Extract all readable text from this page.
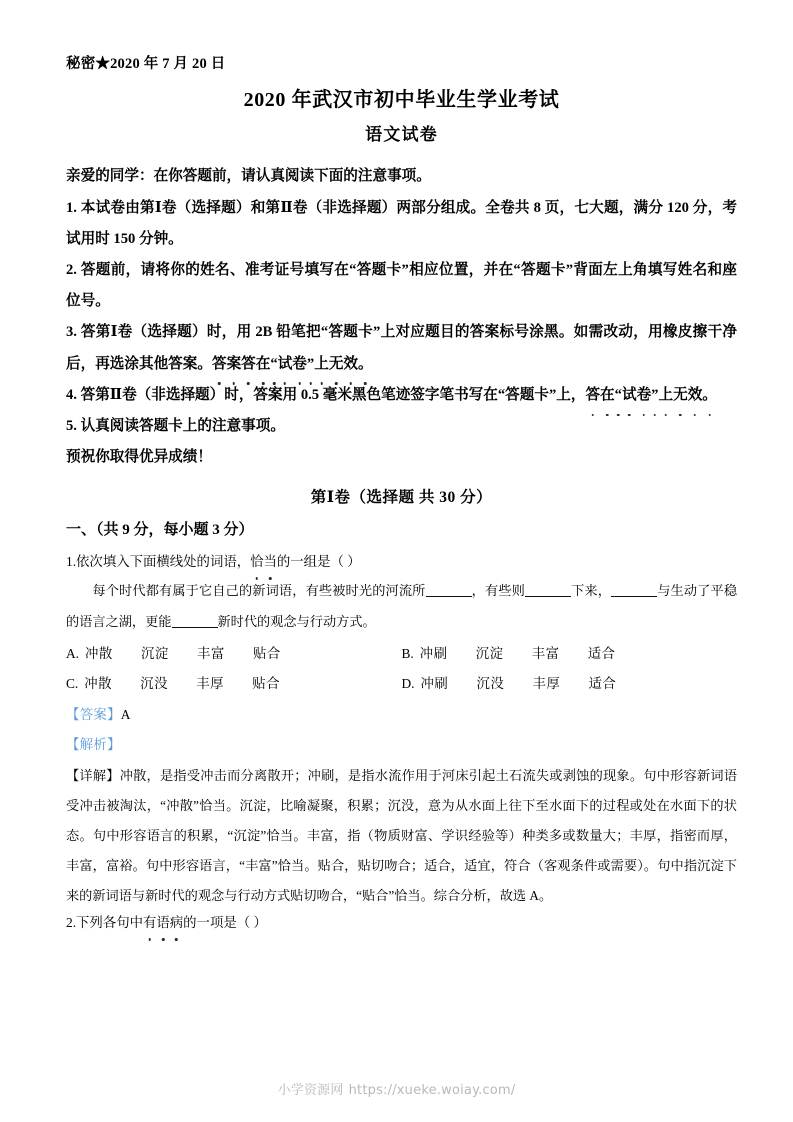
秘密★2020 年 7 月 20 日
2020 年武汉市初中毕业生学业考试
语文试卷

亲爱的同学：在你答题前，请认真阅读下面的注意事项。

1. 本试卷由第Ⅰ卷（选择题）和第Ⅱ卷（非选择题）两部分组成。全卷共 8 页，七大题，满分 120 分，考试用时 150 分钟。

2. 答题前，请将你的姓名、准考证号填写在“答题卡”相应位置，并在“答题卡”背面左上角填写姓名和座位号。

3. 答第Ⅰ卷（选择题）时，用 2B 铅笔把“答题卡”上对应题目的答案标号涂黑。如需改动，用橡皮擦干净后，再选涂其他答案。答案答在“试卷”上无效。

4. 答第Ⅱ卷（非选择题）时，答案用 0.5 毫米黑色笔迹签字笔书写在“答题卡”上，答在“试卷”上无效。

5. 认真阅读答题卡上的注意事项。

预祝你取得优异成绩！

第Ⅰ卷（选择题 共 30 分）
一、（共 9 分，每小题 3 分）

1.依次填入下面横线处的词语，恰当的一组是（ ）

每个时代都有属于它自己的新词语，有些被时光的河流所	，有些则	下来，	与生动了平稳的语言之湖，更能	新时代的观念与行动方式。

A. 冲散	沉淀	丰富	贴合	B. 冲刷	沉淀	丰富	适合
C. 冲散	沉没	丰厚	贴合	D. 冲刷	沉没	丰厚	适合

【答案】A

【解析】

【详解】冲散，是指受冲击而分离散开；冲刷，是指水流作用于河床引起土石流失或剥蚀的现象。句中形容新词语受冲击被淘汰，“冲散”恰当。沉淀，比喻凝聚，积累；沉没，意为从水面上往下至水面下的过程或处在水面下的状态。句中形容语言的积累，“沉淀”恰当。丰富，指（物质财富、学识经验等）种类多或数量大；丰厚，指密而厚，丰富，富裕。句中形容语言，“丰富”恰当。贴合，贴切吻合；适合，适宜，符合（客观条件或需要）。句中指沉淀下来的新词语与新时代的观念与行动方式贴切吻合，“贴合”恰当。综合分析，故选 A。

2.下列各句中有语病的一项是（ ）

小学资源网 https://xueke.woiay.com/
